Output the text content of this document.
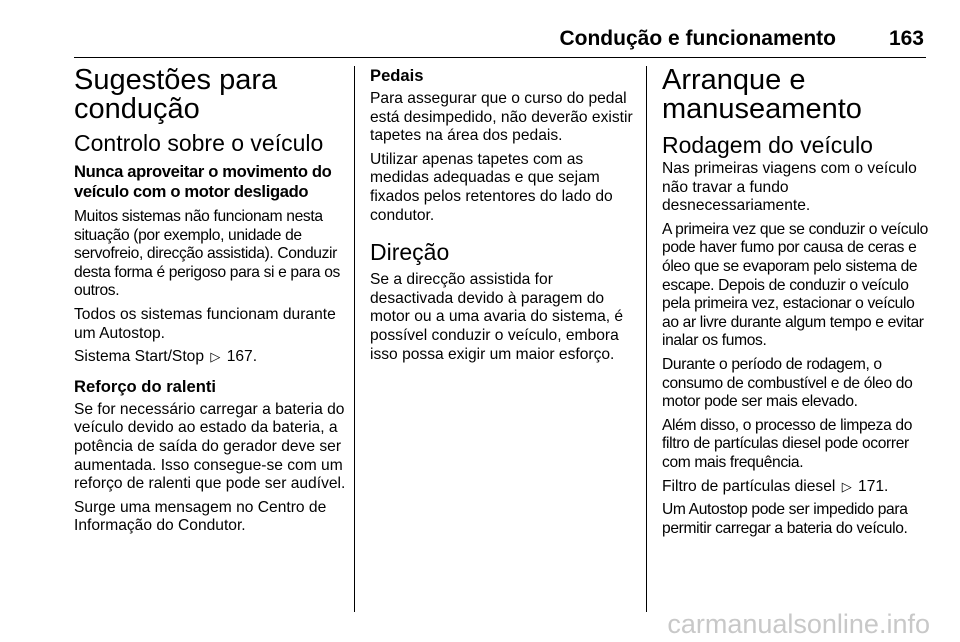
Condução e funcionamento	163
Sugestões para condução
Controlo sobre o veículo
Nunca aproveitar o movimento do veículo com o motor desligado

Muitos sistemas não funcionam nesta situação (por exemplo, unidade de servofreio, direcção assistida). Conduzir desta forma é perigoso para si e para os outros.

Todos os sistemas funcionam durante um Autostop.

Sistema Start/Stop ▷ 167.

Reforço do ralenti

Se for necessário carregar a bateria do veículo devido ao estado da bateria, a potência de saída do gerador deve ser aumentada. Isso consegue-se com um reforço de ralenti que pode ser audível.

Surge uma mensagem no Centro de Informação do Condutor.

Pedais

Para assegurar que o curso do pedal está desimpedido, não deverão existir tapetes na área dos pedais.

Utilizar apenas tapetes com as medidas adequadas e que sejam fixados pelos retentores do lado do condutor.

Direção

Se a direcção assistida for desactivada devido à paragem do motor ou a uma avaria do sistema, é possível conduzir o veículo, embora isso possa exigir um maior esforço.

Arranque e manuseamento
Rodagem do veículo

Nas primeiras viagens com o veículo não travar a fundo desnecessariamente.

A primeira vez que se conduzir o veículo pode haver fumo por causa de ceras e óleo que se evaporam pelo sistema de escape. Depois de conduzir o veículo pela primeira vez, estacionar o veículo ao ar livre durante algum tempo e evitar inalar os fumos.

Durante o período de rodagem, o consumo de combustível e de óleo do motor pode ser mais elevado.

Além disso, o processo de limpeza do filtro de partículas diesel pode ocorrer com mais frequência.

Filtro de partículas diesel ▷ 171.

Um Autostop pode ser impedido para permitir carregar a bateria do veículo.

carmanualsonline.info
